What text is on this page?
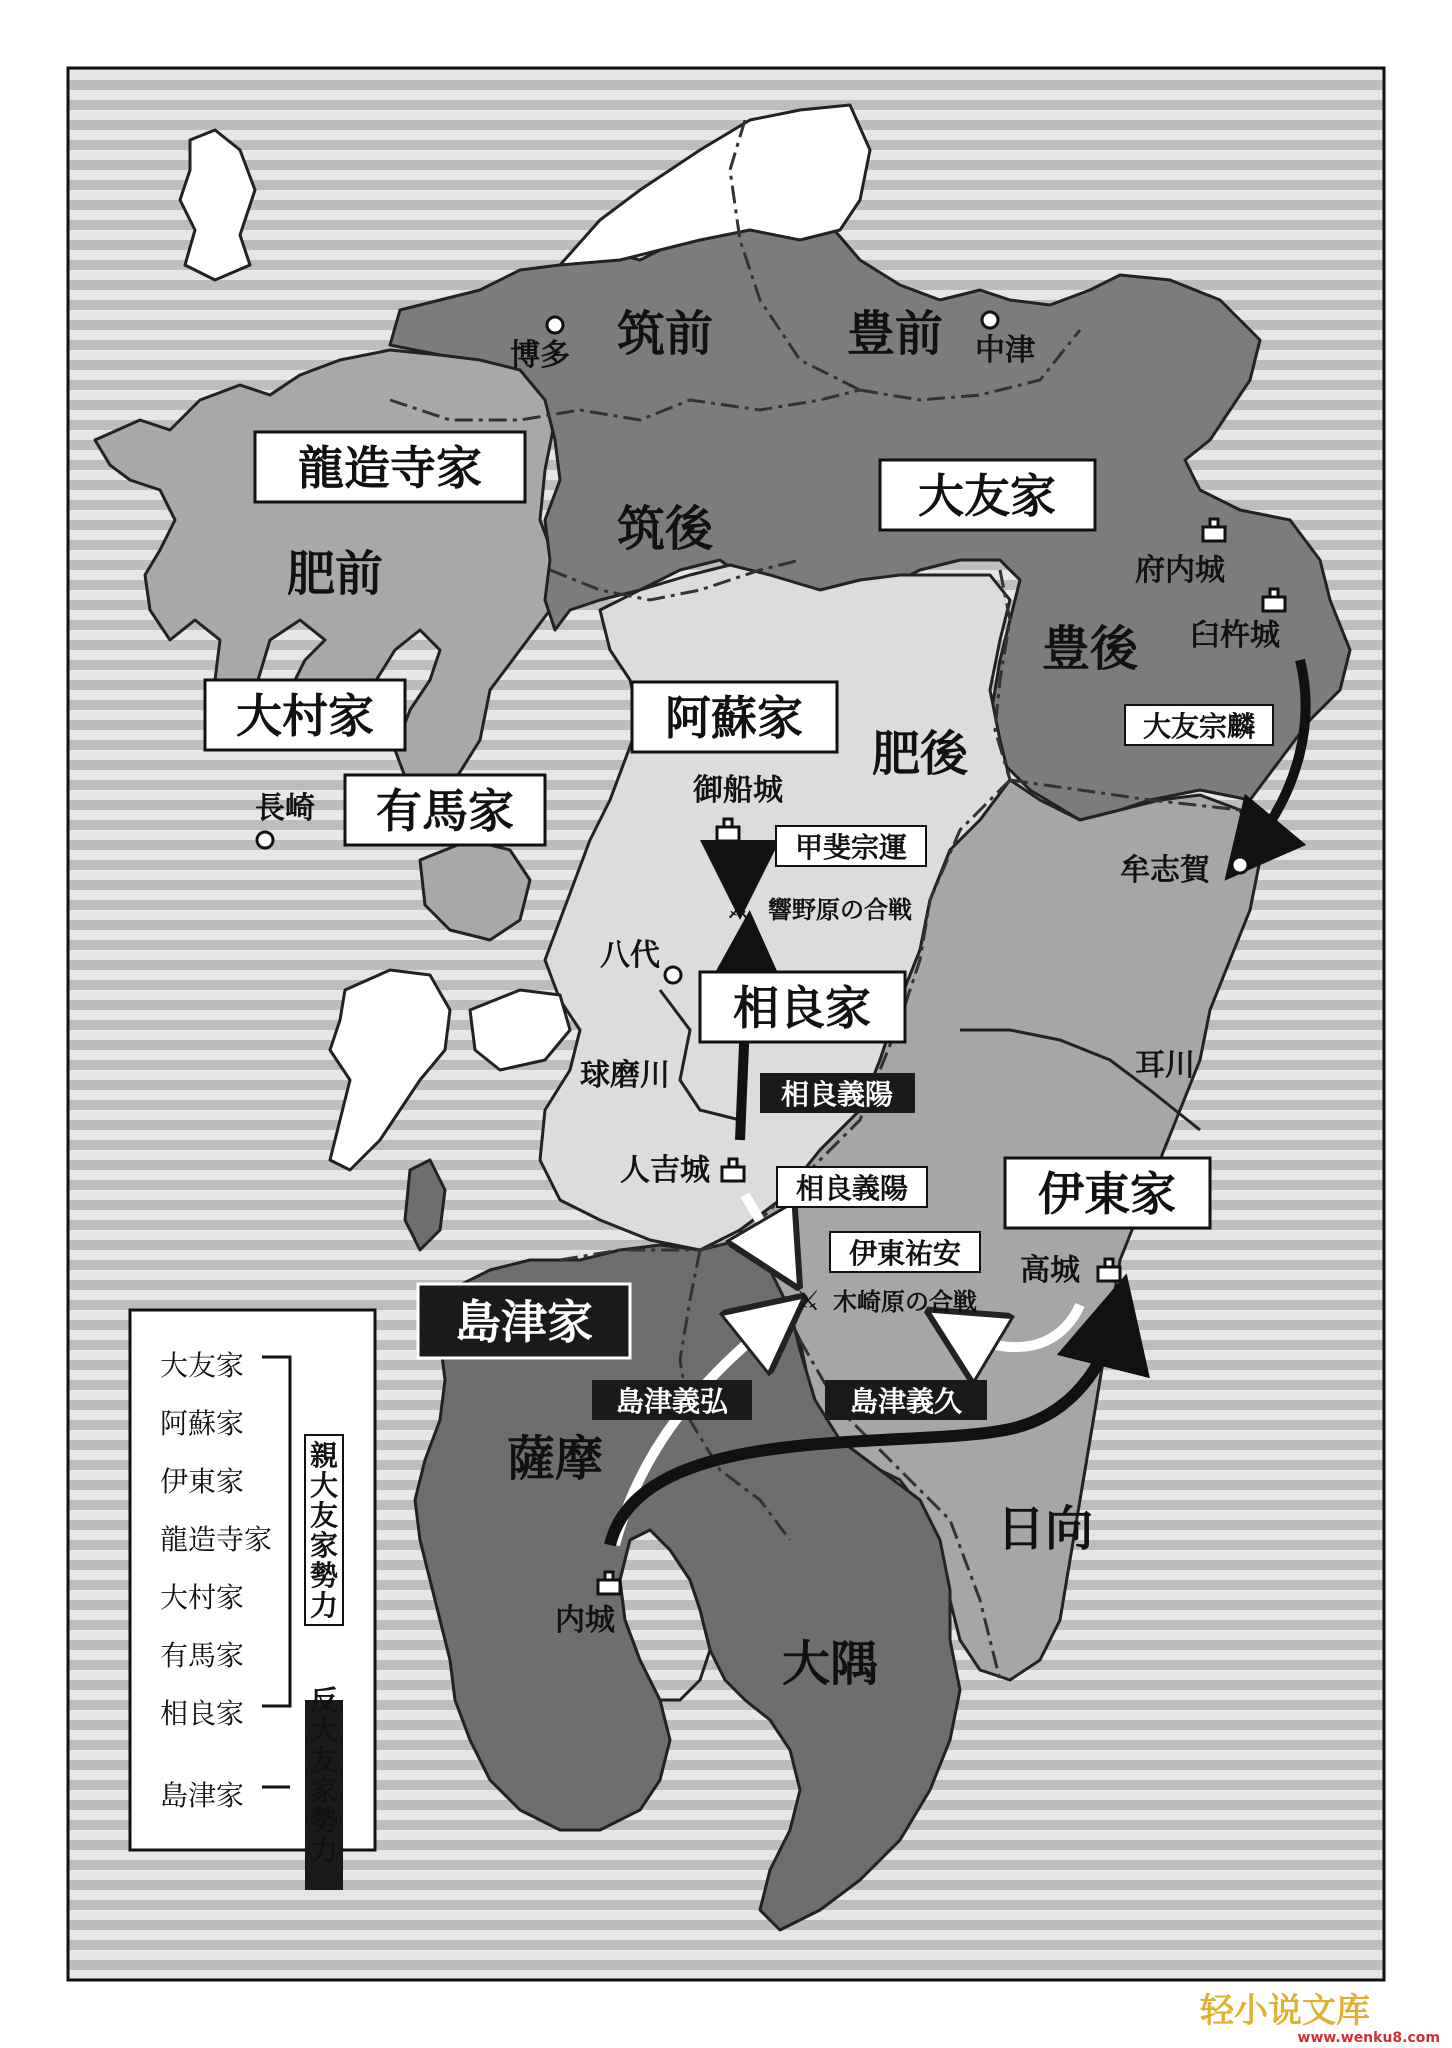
筑前	豊前
筑後
肥前
豊後
肥後
薩摩
大隅
日向
博多	中津
長崎
八代
球磨川
牟志賀
耳川
府内城
臼杵城
御船城
人吉城
高城
内城
⚔ 響野原の合戦
⚔ 木崎原の合戦
龍造寺家
大友家
大村家	阿蘇家
有馬家
相良家
伊東家
島津家
大友宗麟
甲斐宗運
相良義陽
相良義陽
伊東祐安
島津義弘	島津義久
大友家
阿蘇家
伊東家
龍造寺家
大村家
有馬家
相良家
島津家
親大友家勢力
反大友家勢力
轻小说文库
www.wenku8.com
